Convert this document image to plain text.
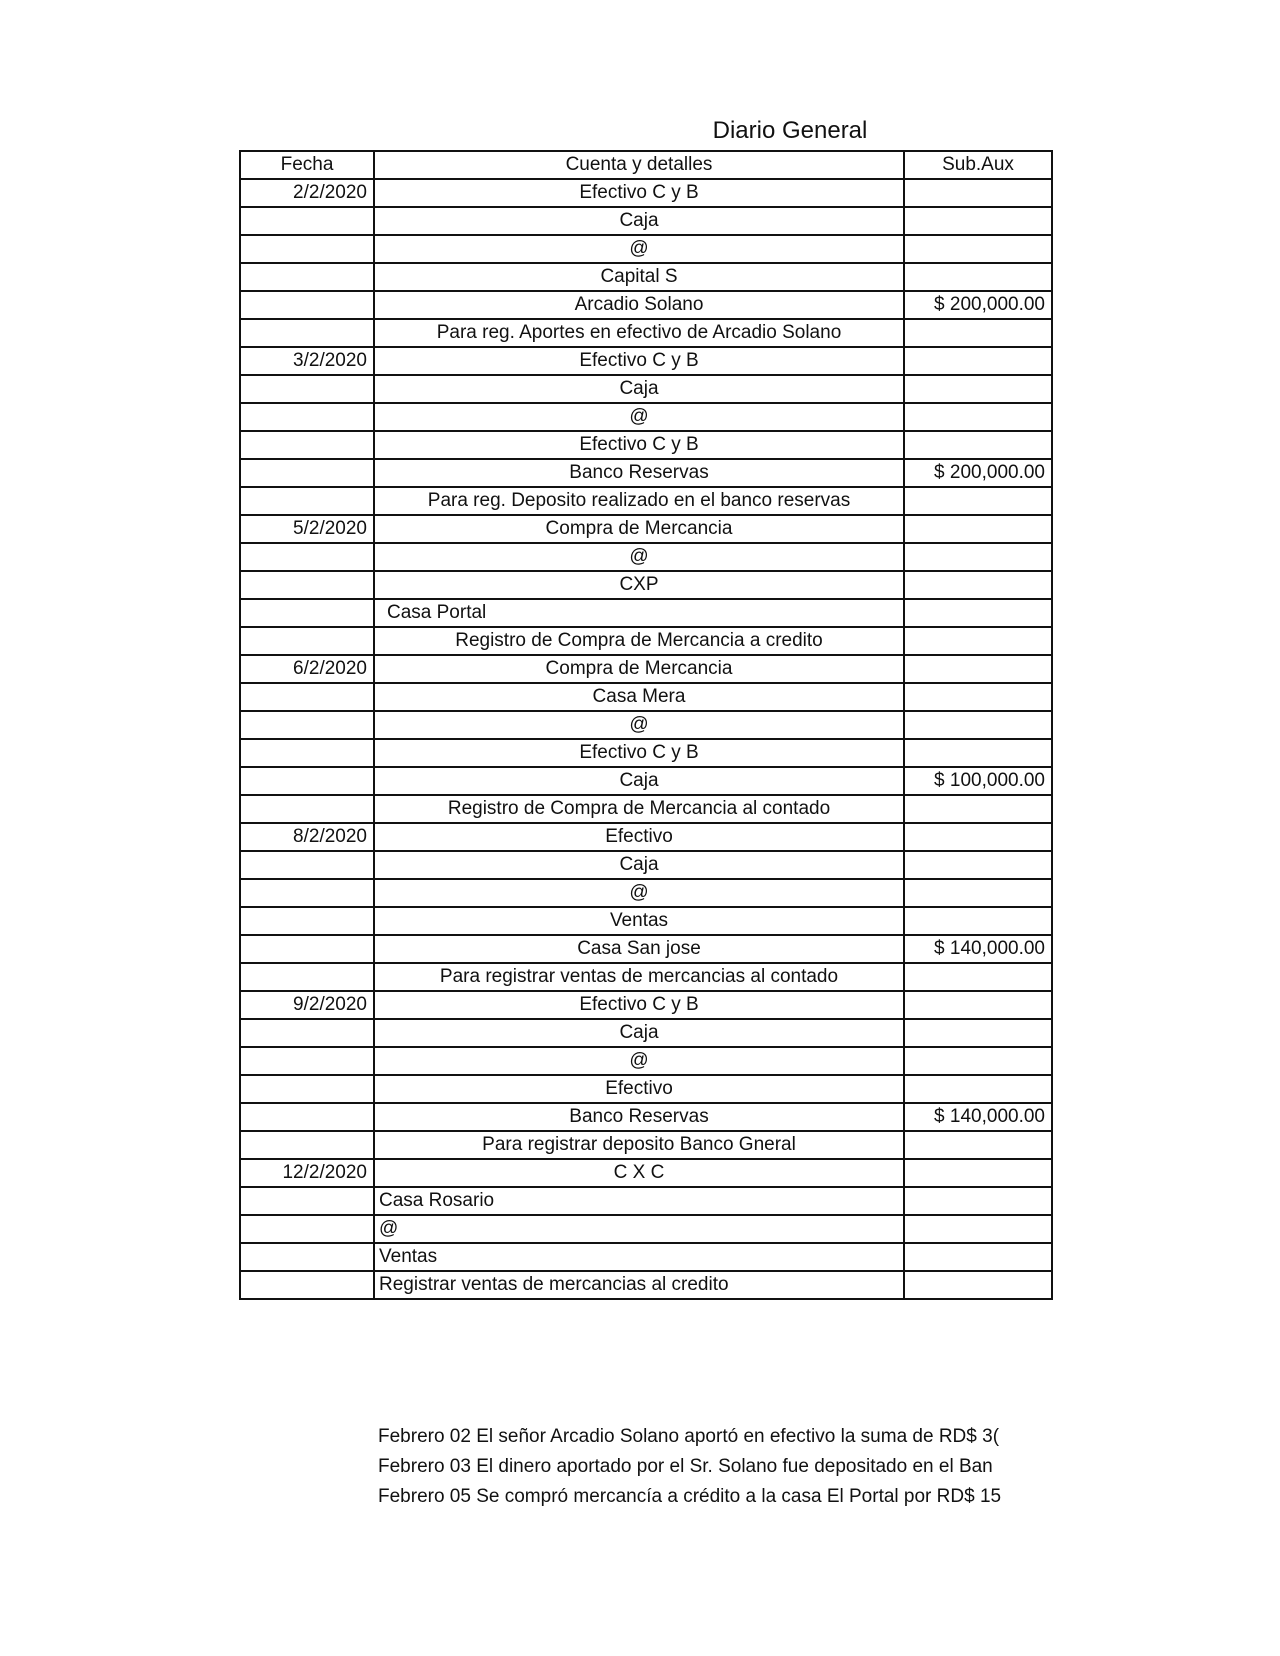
Diario General
Fecha	Cuenta y detalles	Sub.Aux
2/2/2020	Efectivo C y B	
	Caja	
	@	
	Capital S	
	Arcadio Solano	$ 200,000.00
	Para reg. Aportes en efectivo de Arcadio Solano	
3/2/2020	Efectivo C y B	
	Caja	
	@	
	Efectivo C y B	
	Banco Reservas	$ 200,000.00
	Para reg. Deposito realizado en el banco reservas	
5/2/2020	Compra de Mercancia	
	@	
	CXP	
	Casa Portal	
	Registro de Compra de Mercancia a credito	
6/2/2020	Compra de Mercancia	
	Casa Mera	
	@	
	Efectivo C y B	
	Caja	$ 100,000.00
	Registro de Compra de Mercancia al contado	
8/2/2020	Efectivo	
	Caja	
	@	
	Ventas	
	Casa San jose	$ 140,000.00
	Para registrar ventas de mercancias al contado	
9/2/2020	Efectivo C y B	
	Caja	
	@	
	Efectivo	
	Banco Reservas	$ 140,000.00
	Para registrar deposito Banco Gneral	
12/2/2020	C X C	
	Casa Rosario	
	@	
	Ventas	
	Registrar ventas de mercancias al credito	
Febrero 02 El señor Arcadio Solano aportó en efectivo la suma de RD$ 3(
Febrero 03 El dinero aportado por el Sr. Solano fue depositado en el Ban
Febrero 05 Se compró mercancía a crédito a la casa El Portal por RD$ 15
